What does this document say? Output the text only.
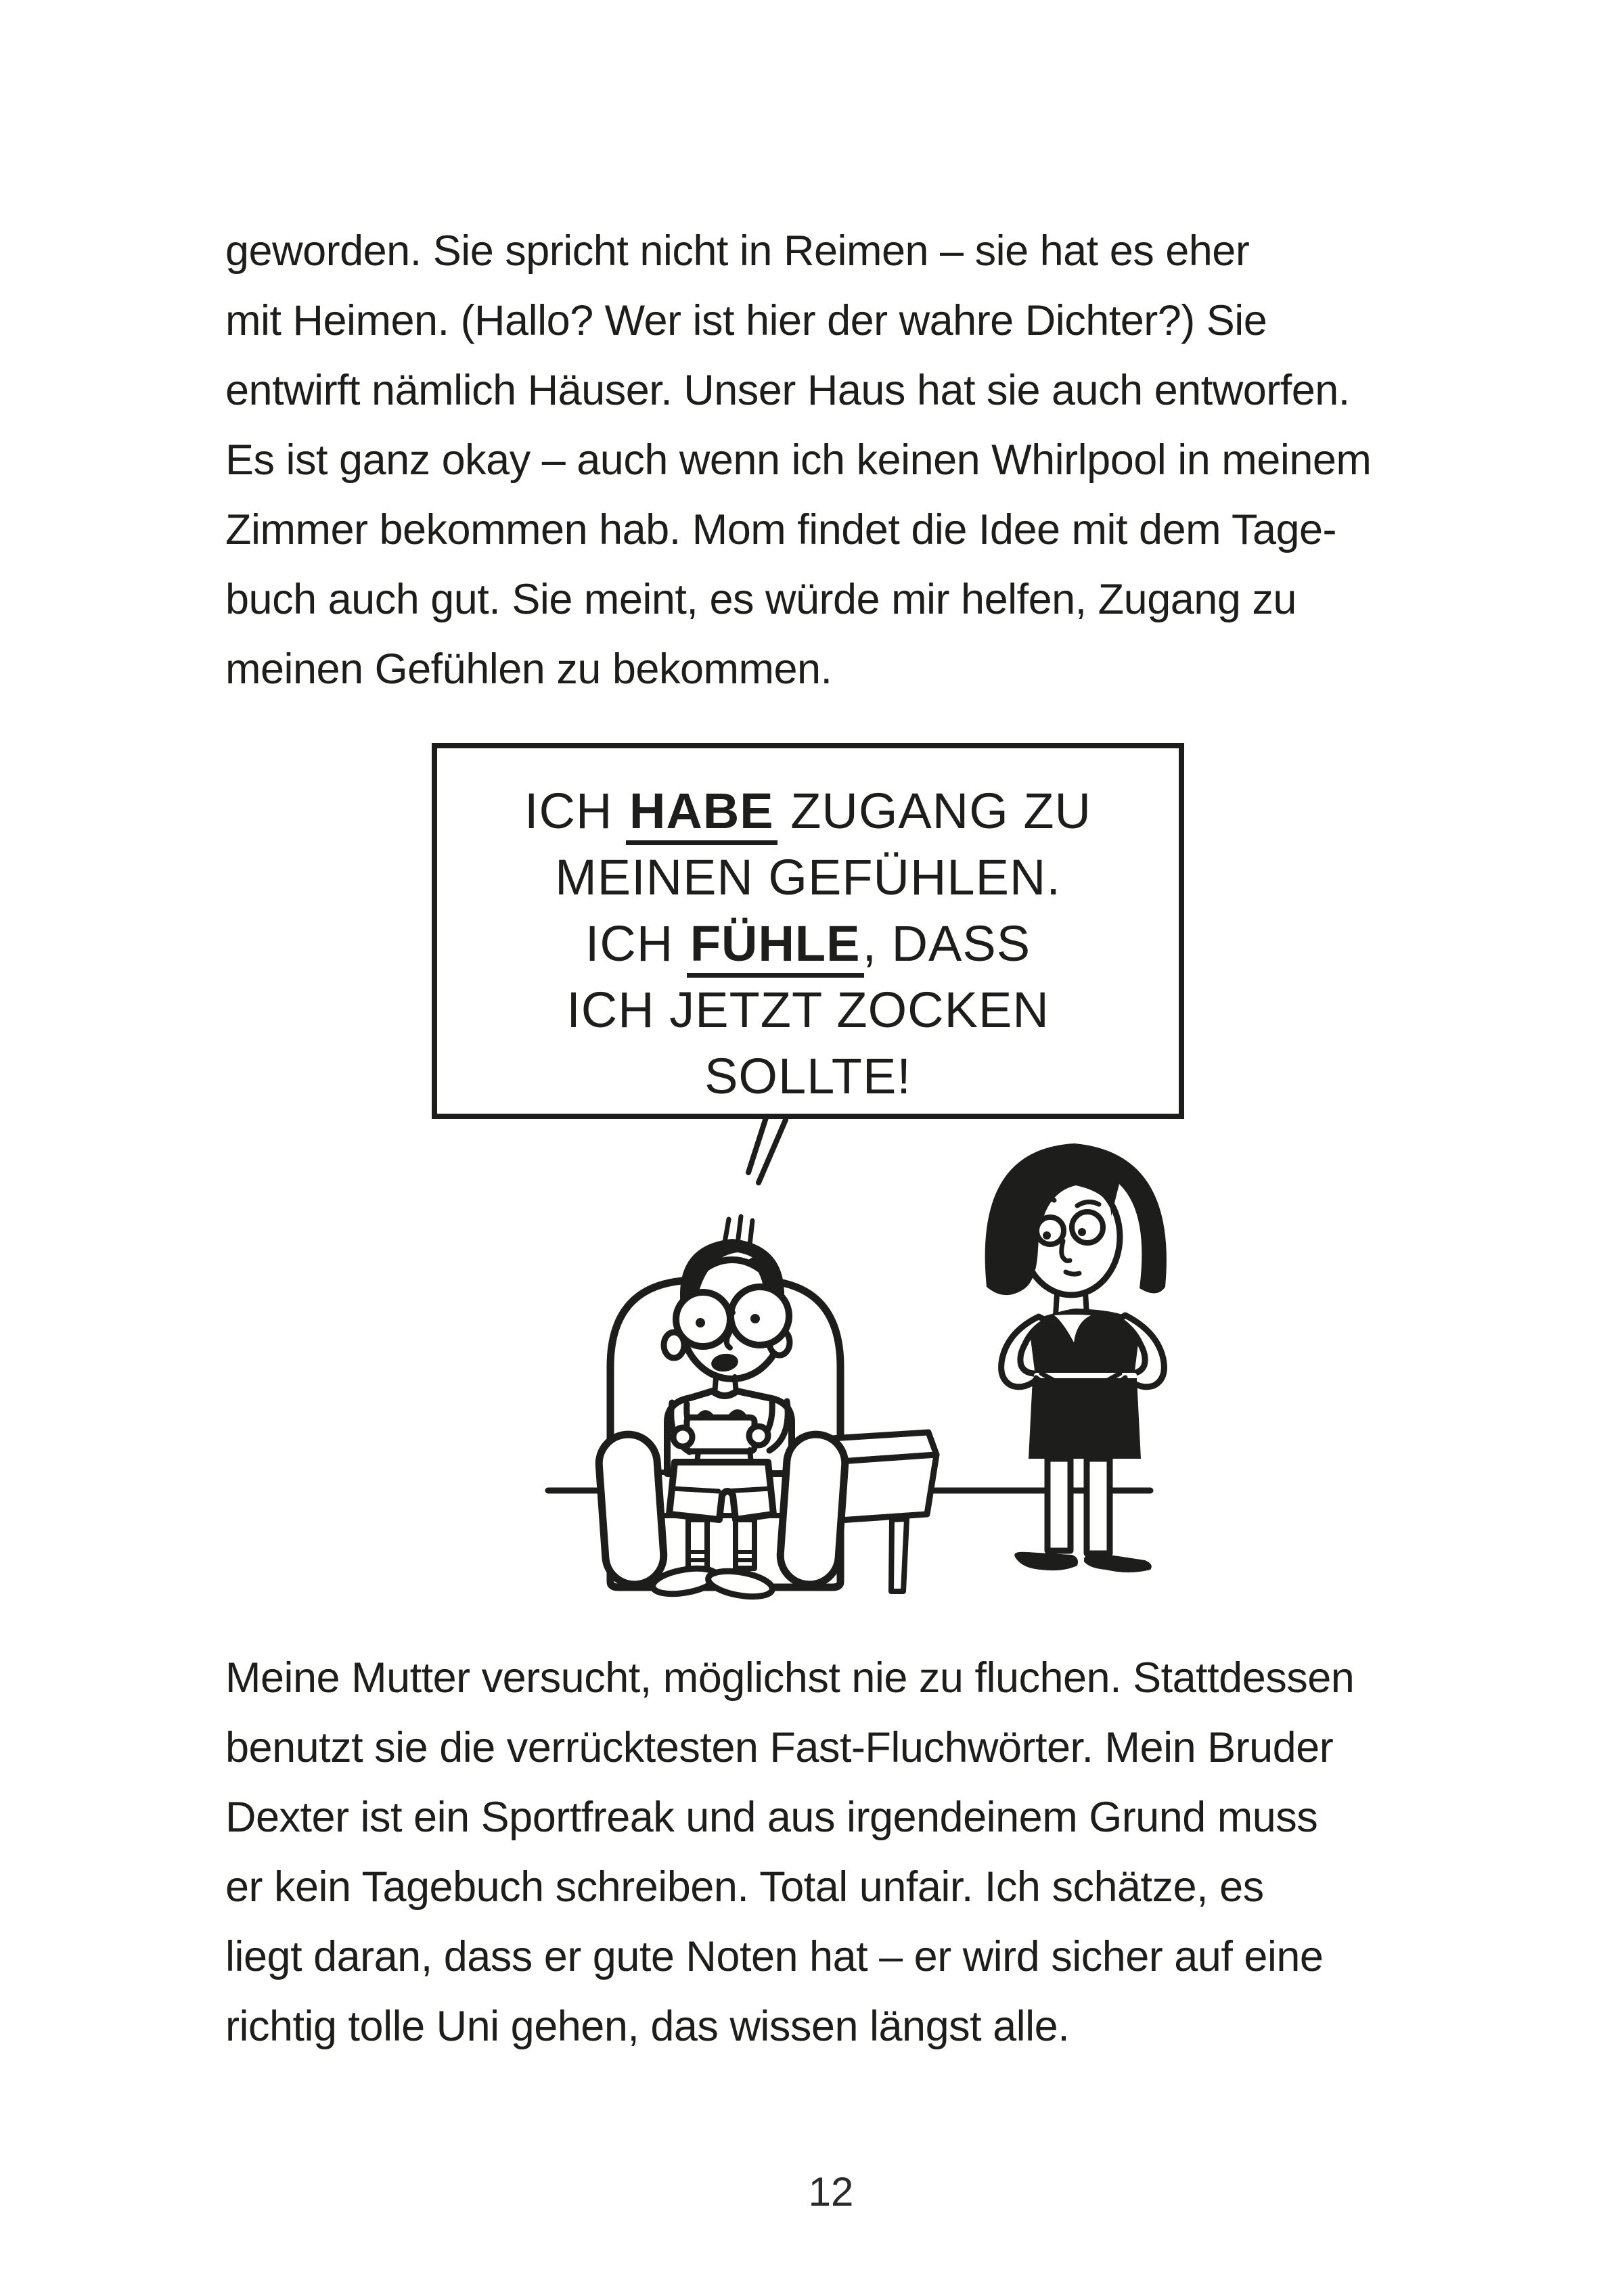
geworden. Sie spricht nicht in Reimen – sie hat es eher
mit Heimen. (Hallo? Wer ist hier der wahre Dichter?) Sie
entwirft nämlich Häuser. Unser Haus hat sie auch entworfen.
Es ist ganz okay – auch wenn ich keinen Whirlpool in meinem
Zimmer bekommen hab. Mom findet die Idee mit dem Tage-
buch auch gut. Sie meint, es würde mir helfen, Zugang zu
meinen Gefühlen zu bekommen.
ICH HABE ZUGANG ZU
MEINEN GEFÜHLEN.
ICH FÜHLE, DASS
ICH JETZT ZOCKEN
SOLLTE!
Meine Mutter versucht, möglichst nie zu fluchen. Stattdessen
benutzt sie die verrücktesten Fast-Fluchwörter. Mein Bruder
Dexter ist ein Sportfreak und aus irgendeinem Grund muss
er kein Tagebuch schreiben. Total unfair. Ich schätze, es
liegt daran, dass er gute Noten hat – er wird sicher auf eine
richtig tolle Uni gehen, das wissen längst alle.
12
